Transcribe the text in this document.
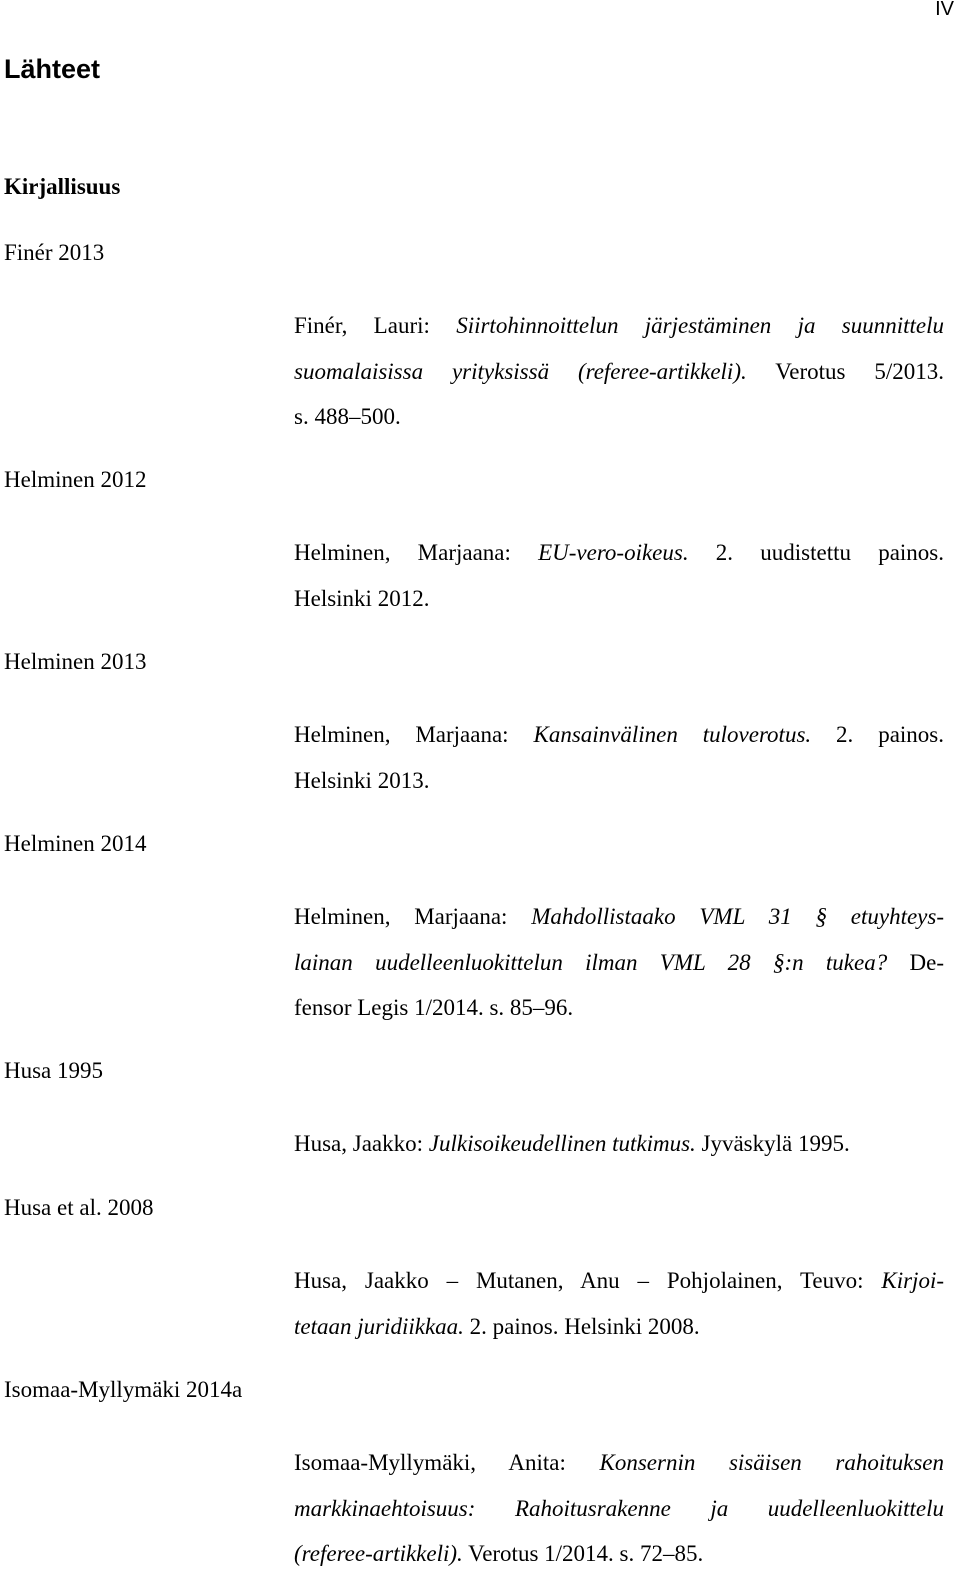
IV
Lähteet
Kirjallisuus
Finér 2013
Finér, Lauri: Siirtohinnoittelun järjestäminen ja suunnittelu
suomalaisissa yrityksissä (referee-artikkeli). Verotus 5/2013.
s. 488–500.
Helminen 2012
Helminen, Marjaana: EU-vero-oikeus. 2. uudistettu painos.
Helsinki 2012.
Helminen 2013
Helminen, Marjaana: Kansainvälinen tuloverotus. 2. painos.
Helsinki 2013.
Helminen 2014
Helminen, Marjaana: Mahdollistaako VML 31 § etuyhteys-
lainan uudelleenluokittelun ilman VML 28 §:n tukea? De-
fensor Legis 1/2014. s. 85–96.
Husa 1995
Husa, Jaakko: Julkisoikeudellinen tutkimus. Jyväskylä 1995.
Husa et al. 2008
Husa, Jaakko – Mutanen, Anu – Pohjolainen, Teuvo: Kirjoi-
tetaan juridiikkaa. 2. painos. Helsinki 2008.
Isomaa-Myllymäki 2014a
Isomaa-Myllymäki, Anita: Konsernin sisäisen rahoituksen
markkinaehtoisuus: Rahoitusrakenne ja uudelleenluokittelu
(referee-artikkeli). Verotus 1/2014. s. 72–85.
